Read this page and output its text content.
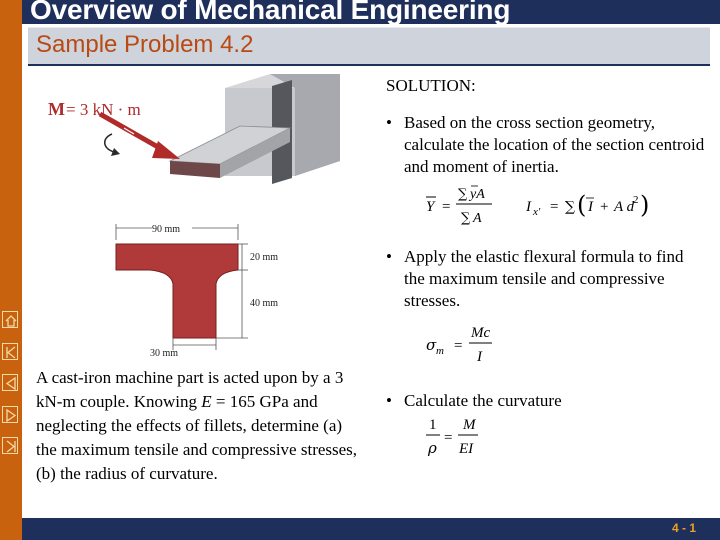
Overview of Mechanical Engineering
Sample Problem 4.2
M = 3 kN · m
90 mm
20 mm
40 mm
30 mm
A cast-iron machine part is acted upon by a 3 kN-m couple. Knowing E = 165 GPa and neglecting the effects of fillets, determine (a) the maximum tensile and compressive stresses, (b) the radius of curvature.
SOLUTION:
• Based on the cross section geometry, calculate the location of the section centroid and moment of inertia.
Y =
∑ yA
∑ A
I x′ = ∑ ( I + A d
2 )
• Apply the elastic flexural formula to find the maximum tensile and compressive stresses.
σ m =
Mc
I
• Calculate the curvature
1
ρ
=
M
EI
4 - 1
